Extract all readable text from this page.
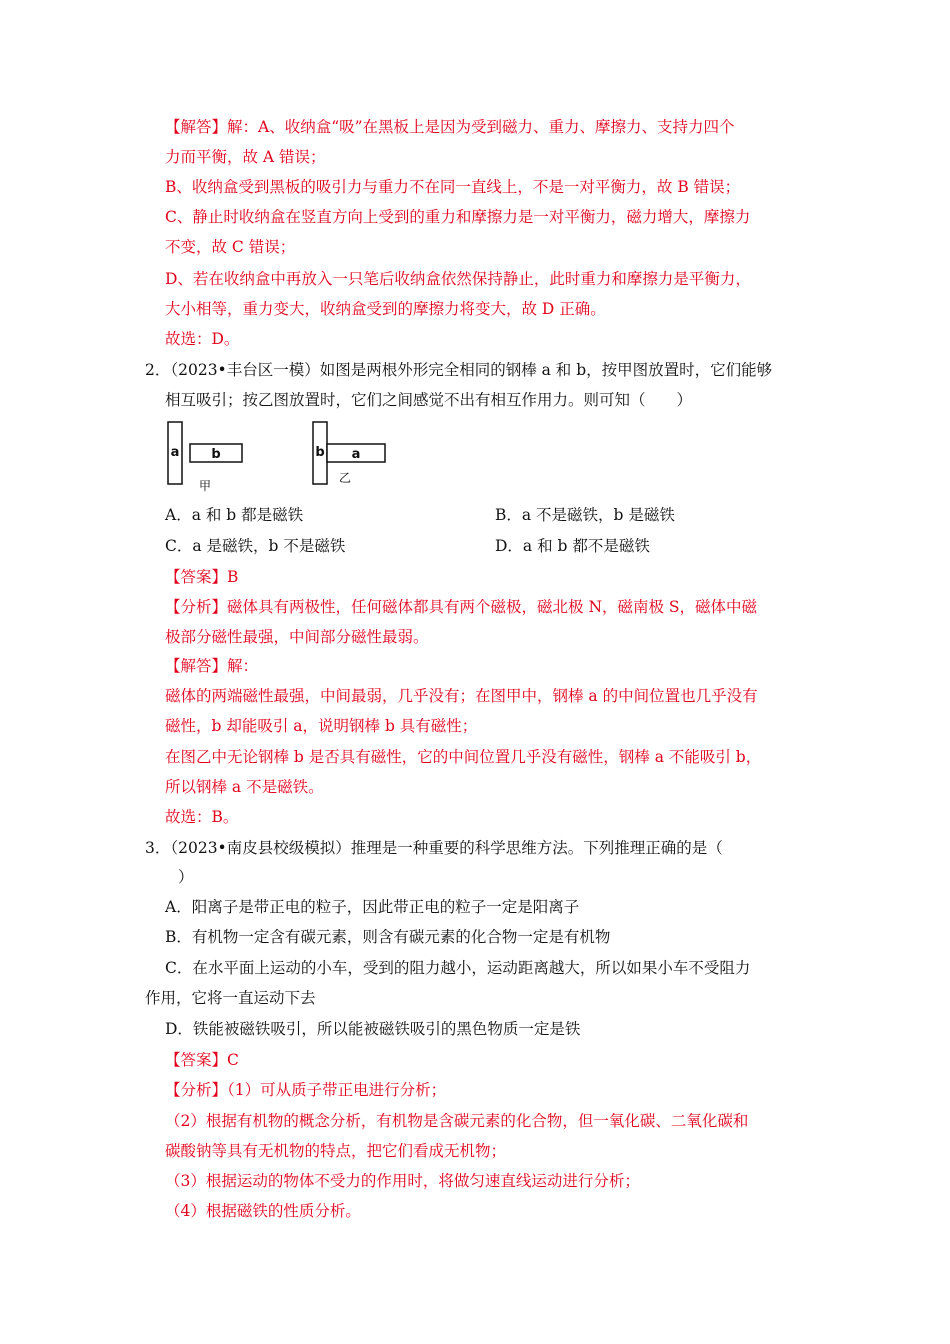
【解答】解：A、收纳盒“吸”在黑板上是因为受到磁力、重力、摩擦力、支持力四个
力而平衡，故 A 错误；
B、收纳盒受到黑板的吸引力与重力不在同一直线上，不是一对平衡力，故 B 错误；
C、静止时收纳盒在竖直方向上受到的重力和摩擦力是一对平衡力，磁力增大，摩擦力
不变，故 C 错误；
D、若在收纳盒中再放入一只笔后收纳盒依然保持静止，此时重力和摩擦力是平衡力，
大小相等，重力变大，收纳盒受到的摩擦力将变大，故 D 正确。
故选：D。
2．（2023•丰台区一模）如图是两根外形完全相同的钢棒 a 和 b，按甲图放置时，它们能够
相互吸引；按乙图放置时，它们之间感觉不出有相互作用力。则可知（　　）
a b
甲
b a
乙
A．a 和 b 都是磁铁	B．a 不是磁铁，b 是磁铁
C．a 是磁铁，b 不是磁铁	D．a 和 b 都不是磁铁
【答案】B
【分析】磁体具有两极性，任何磁体都具有两个磁极，磁北极 N，磁南极 S，磁体中磁
极部分磁性最强，中间部分磁性最弱。
【解答】解：
磁体的两端磁性最强，中间最弱，几乎没有；在图甲中，钢棒 a 的中间位置也几乎没有
磁性，b 却能吸引 a，说明钢棒 b 具有磁性；
在图乙中无论钢棒 b 是否具有磁性，它的中间位置几乎没有磁性，钢棒 a 不能吸引 b，
所以钢棒 a 不是磁铁。
故选：B。
3．（2023•南皮县校级模拟）推理是一种重要的科学思维方法。下列推理正确的是（
）
A．阳离子是带正电的粒子，因此带正电的粒子一定是阳离子
B．有机物一定含有碳元素，则含有碳元素的化合物一定是有机物
C．在水平面上运动的小车，受到的阻力越小，运动距离越大，所以如果小车不受阻力
作用，它将一直运动下去
D．铁能被磁铁吸引，所以能被磁铁吸引的黑色物质一定是铁
【答案】C
【分析】（1）可从质子带正电进行分析；
（2）根据有机物的概念分析，有机物是含碳元素的化合物，但一氧化碳、二氧化碳和
碳酸钠等具有无机物的特点，把它们看成无机物；
（3）根据运动的物体不受力的作用时，将做匀速直线运动进行分析；
（4）根据磁铁的性质分析。
